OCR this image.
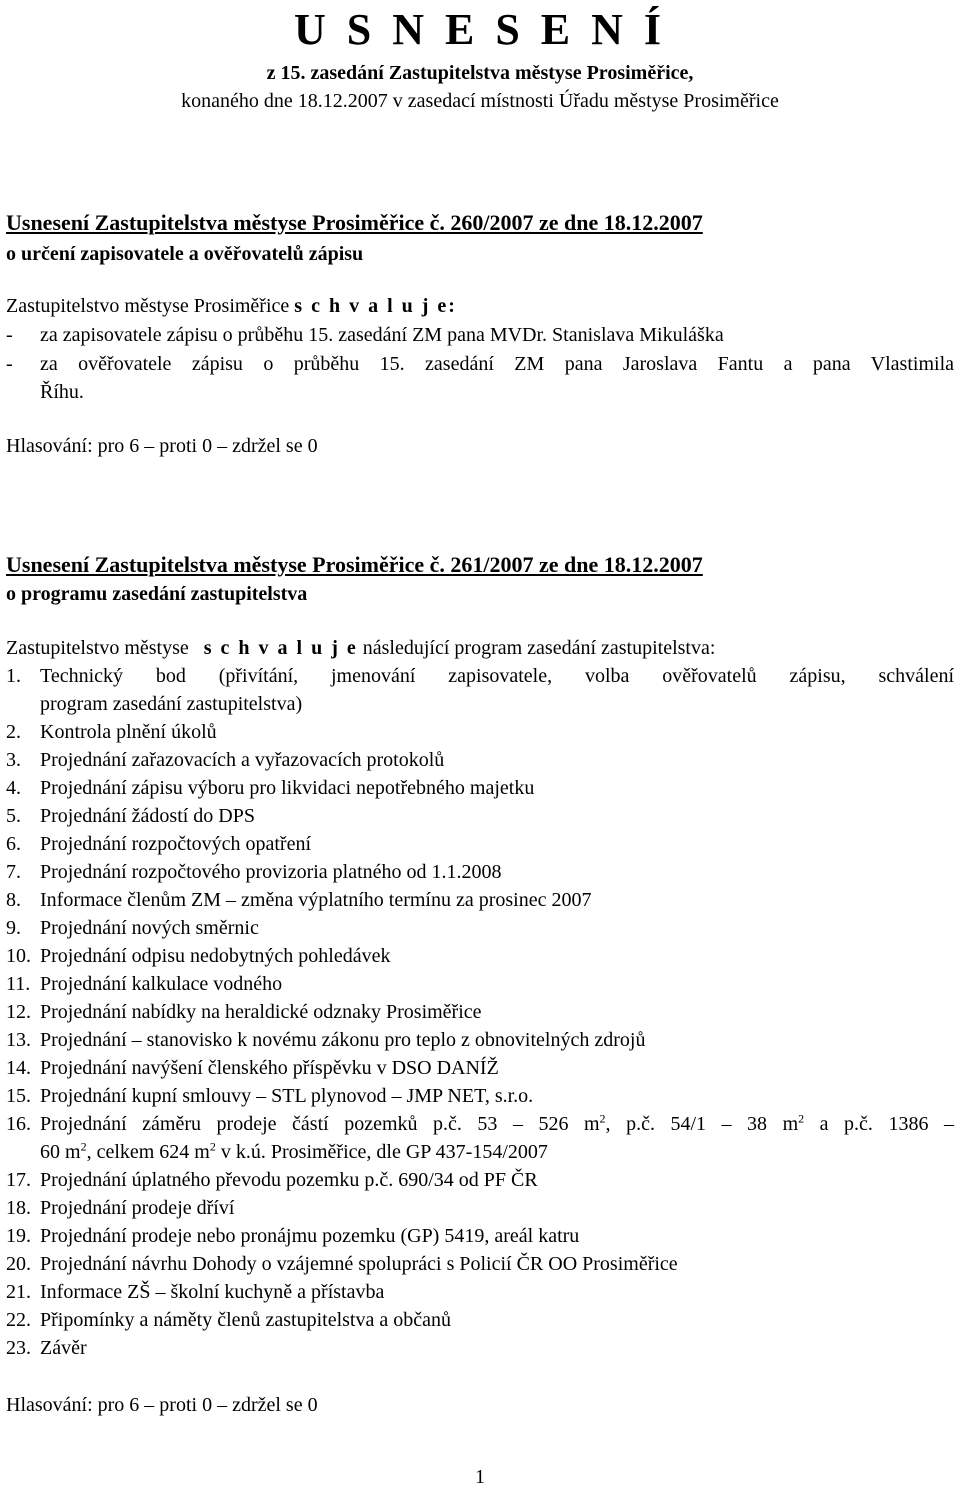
U S N E S E N Í
z 15. zasedání Zastupitelstva městyse Prosiměřice,
konaného dne 18.12.2007 v zasedací místnosti Úřadu městyse Prosiměřice
Usnesení Zastupitelstva městyse Prosiměřice č. 260/2007 ze dne 18.12.2007
o určení zapisovatele a ověřovatelů zápisu
Zastupitelstvo městyse Prosiměřice s c h v a l u j e:
- za zapisovatele zápisu o průběhu 15. zasedání ZM pana MVDr. Stanislava Mikuláška
- za ověřovatele zápisu o průběhu 15. zasedání ZM pana Jaroslava Fantu a pana Vlastimila
Říhu.
Hlasování: pro 6 – proti 0 – zdržel se 0
Usnesení Zastupitelstva městyse Prosiměřice č. 261/2007 ze dne 18.12.2007
o programu zasedání zastupitelstva
Zastupitelstvo městyse   s c h v a l u j e následující program zasedání zastupitelstva:
1. Technický bod (přivítání, jmenování zapisovatele, volba ověřovatelů zápisu, schválení
program zasedání zastupitelstva)
2. Kontrola plnění úkolů
3. Projednání zařazovacích a vyřazovacích protokolů
4. Projednání zápisu výboru pro likvidaci nepotřebného majetku
5. Projednání žádostí do DPS
6. Projednání rozpočtových opatření
7. Projednání rozpočtového provizoria platného od 1.1.2008
8. Informace členům ZM – změna výplatního termínu za prosinec 2007
9. Projednání nových směrnic
10. Projednání odpisu nedobytných pohledávek
11. Projednání kalkulace vodného
12. Projednání nabídky na heraldické odznaky Prosiměřice
13. Projednání – stanovisko k novému zákonu pro teplo z obnovitelných zdrojů
14. Projednání navýšení členského příspěvku v DSO DANÍŽ
15. Projednání kupní smlouvy – STL plynovod – JMP NET, s.r.o.
16. Projednání záměru prodeje částí pozemků p.č. 53 – 526 $m^2$, p.č. 54/1 – 38 $m^2$ a p.č. 1386 –
60 $m^2$, celkem 624 $m^2$ v k.ú. Prosiměřice, dle GP 437-154/2007
17. Projednání úplatného převodu pozemku p.č. 690/34 od PF ČR
18. Projednání prodeje dříví
19. Projednání prodeje nebo pronájmu pozemku (GP) 5419, areál katru
20. Projednání návrhu Dohody o vzájemné spolupráci s Policií ČR OO Prosiměřice
21. Informace ZŠ – školní kuchyně a přístavba
22. Připomínky a náměty členů zastupitelstva a občanů
23. Závěr
Hlasování: pro 6 – proti 0 – zdržel se 0
1
